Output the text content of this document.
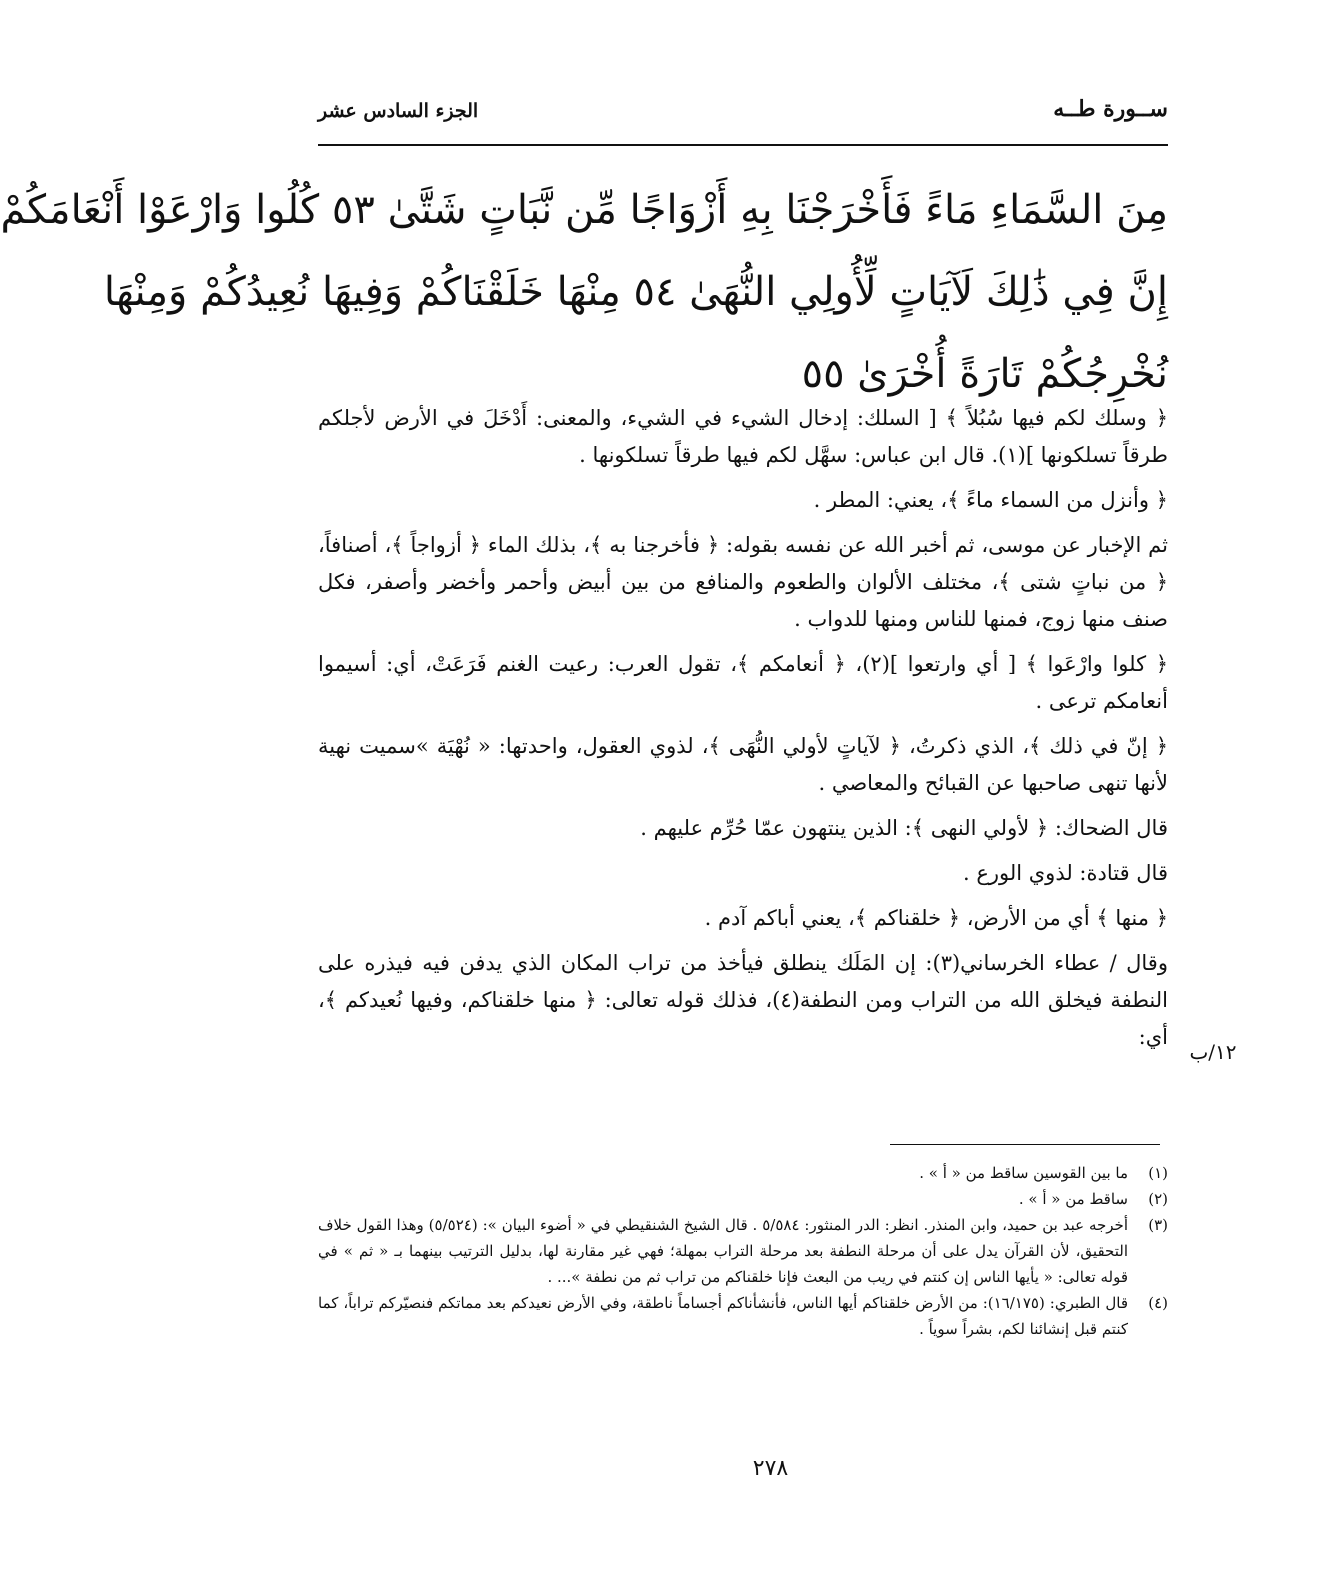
ســورة طــه
الجزء السادس عشر
مِنَ السَّمَاءِ مَاءً فَأَخْرَجْنَا بِهِ أَزْوَاجًا مِّن نَّبَاتٍ شَتَّىٰ ٥٣ كُلُوا وَارْعَوْا أَنْعَامَكُمْ
إِنَّ فِي ذَٰلِكَ لَآيَاتٍ لِّأُولِي النُّهَىٰ ٥٤ مِنْهَا خَلَقْنَاكُمْ وَفِيهَا نُعِيدُكُمْ وَمِنْهَا
نُخْرِجُكُمْ تَارَةً أُخْرَىٰ ٥٥

﴿ وسلك لكم فيها سُبُلاً ﴾ [ السلك: إدخال الشيء في الشيء، والمعنى: أَدْخَلَ في الأرض لأجلكم طرقاً تسلكونها ](١). قال ابن عباس: سهَّل لكم فيها طرقاً تسلكونها .

﴿ وأنزل من السماء ماءً ﴾، يعني: المطر .

ثم الإخبار عن موسى، ثم أخبر الله عن نفسه بقوله: ﴿ فأخرجنا به ﴾، بذلك الماء ﴿ أزواجاً ﴾، أصنافاً، ﴿ من نباتٍ شتى ﴾، مختلف الألوان والطعوم والمنافع من بين أبيض وأحمر وأخضر وأصفر، فكل صنف منها زوج، فمنها للناس ومنها للدواب .

﴿ كلوا وارْعَوا ﴾ [ أي وارتعوا ](٢)، ﴿ أنعامكم ﴾، تقول العرب: رعيت الغنم فَرَعَتْ، أي: أسيموا أنعامكم ترعى .

﴿ إنّ في ذلك ﴾، الذي ذكرتُ، ﴿ لآياتٍ لأولي النُّهَى ﴾، لذوي العقول، واحدتها: « نُهْيَة »سميت نهية لأنها تنهى صاحبها عن القبائح والمعاصي .

قال الضحاك: ﴿ لأولي النهى ﴾: الذين ينتهون عمّا حُرِّم عليهم .

قال قتادة: لذوي الورع .

﴿ منها ﴾ أي من الأرض، ﴿ خلقناكم ﴾، يعني أباكم آدم .

وقال / عطاء الخرساني(٣): إن المَلَك ينطلق فيأخذ من تراب المكان الذي يدفن فيه فيذره على النطفة فيخلق الله من التراب ومن النطفة(٤)، فذلك قوله تعالى: ﴿ منها خلقناكم، وفيها نُعيدكم ﴾، أي:

١٢/ب
(١)
ما بين القوسين ساقط من « أ » .
(٢)
ساقط من « أ » .
(٣)
أخرجه عبد بن حميد، وابن المنذر. انظر: الدر المنثور: ٥/٥٨٤ . قال الشيخ الشنقيطي في « أضوء البيان »: (٥/٥٢٤) وهذا القول خلاف التحقيق، لأن القرآن يدل على أن مرحلة النطفة بعد مرحلة التراب بمهلة؛ فهي غير مقارنة لها، بدليل الترتيب بينهما بـ « ثم » في قوله تعالى: « يأيها الناس إن كنتم في ريب من البعث فإنا خلقناكم من تراب ثم من نطفة »... .
(٤)
قال الطبري: (١٦/١٧٥): من الأرض خلقناكم أيها الناس، فأنشأناكم أجساماً ناطقة، وفي الأرض نعيدكم بعد مماتكم فنصيّركم تراباً، كما كنتم قبل إنشائنا لكم، بشراً سوياً .
٢٧٨
